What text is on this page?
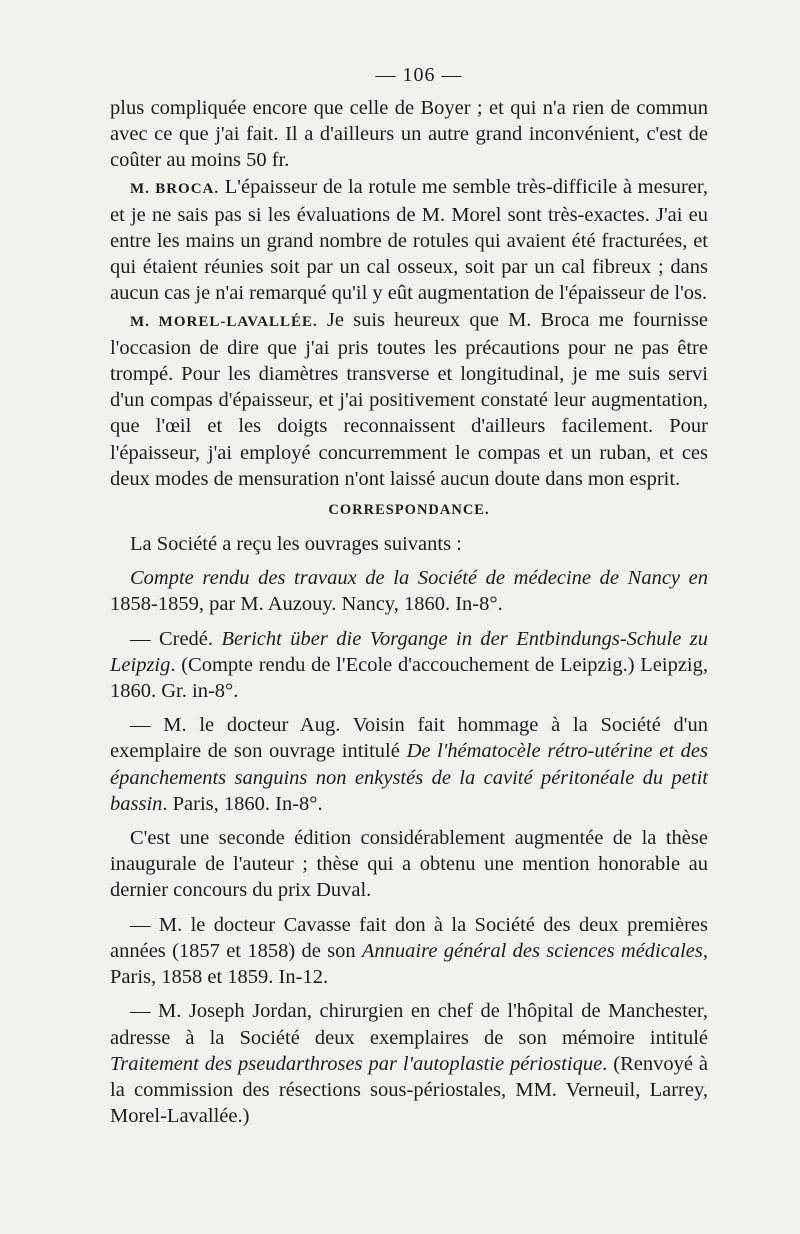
— 106 —

plus compliquée encore que celle de Boyer ; et qui n'a rien de commun avec ce que j'ai fait. Il a d'ailleurs un autre grand inconvénient, c'est de coûter au moins 50 fr.

M. BROCA. L'épaisseur de la rotule me semble très-difficile à mesurer, et je ne sais pas si les évaluations de M. Morel sont très-exactes. J'ai eu entre les mains un grand nombre de rotules qui avaient été fracturées, et qui étaient réunies soit par un cal osseux, soit par un cal fibreux ; dans aucun cas je n'ai remarqué qu'il y eût augmentation de l'épaisseur de l'os.

M. MOREL-LAVALLÉE. Je suis heureux que M. Broca me fournisse l'occasion de dire que j'ai pris toutes les précautions pour ne pas être trompé. Pour les diamètres transverse et longitudinal, je me suis servi d'un compas d'épaisseur, et j'ai positivement constaté leur augmentation, que l'œil et les doigts reconnaissent d'ailleurs facilement. Pour l'épaisseur, j'ai employé concurremment le compas et un ruban, et ces deux modes de mensuration n'ont laissé aucun doute dans mon esprit.

CORRESPONDANCE.

La Société a reçu les ouvrages suivants :

Compte rendu des travaux de la Société de médecine de Nancy en 1858-1859, par M. Auzouy. Nancy, 1860. In-8°.

— Credé. Bericht über die Vorgange in der Entbindungs-Schule zu Leipzig. (Compte rendu de l'Ecole d'accouchement de Leipzig.) Leipzig, 1860. Gr. in-8°.

— M. le docteur Aug. Voisin fait hommage à la Société d'un exemplaire de son ouvrage intitulé De l'hématocèle rétro-utérine et des épanchements sanguins non enkystés de la cavité péritonéale du petit bassin. Paris, 1860. In-8°.

C'est une seconde édition considérablement augmentée de la thèse inaugurale de l'auteur ; thèse qui a obtenu une mention honorable au dernier concours du prix Duval.

— M. le docteur Cavasse fait don à la Société des deux premières années (1857 et 1858) de son Annuaire général des sciences médicales, Paris, 1858 et 1859. In-12.

— M. Joseph Jordan, chirurgien en chef de l'hôpital de Manchester, adresse à la Société deux exemplaires de son mémoire intitulé Traitement des pseudarthroses par l'autoplastie périostique. (Renvoyé à la commission des résections sous-périostales, MM. Verneuil, Larrey, Morel-Lavallée.)
